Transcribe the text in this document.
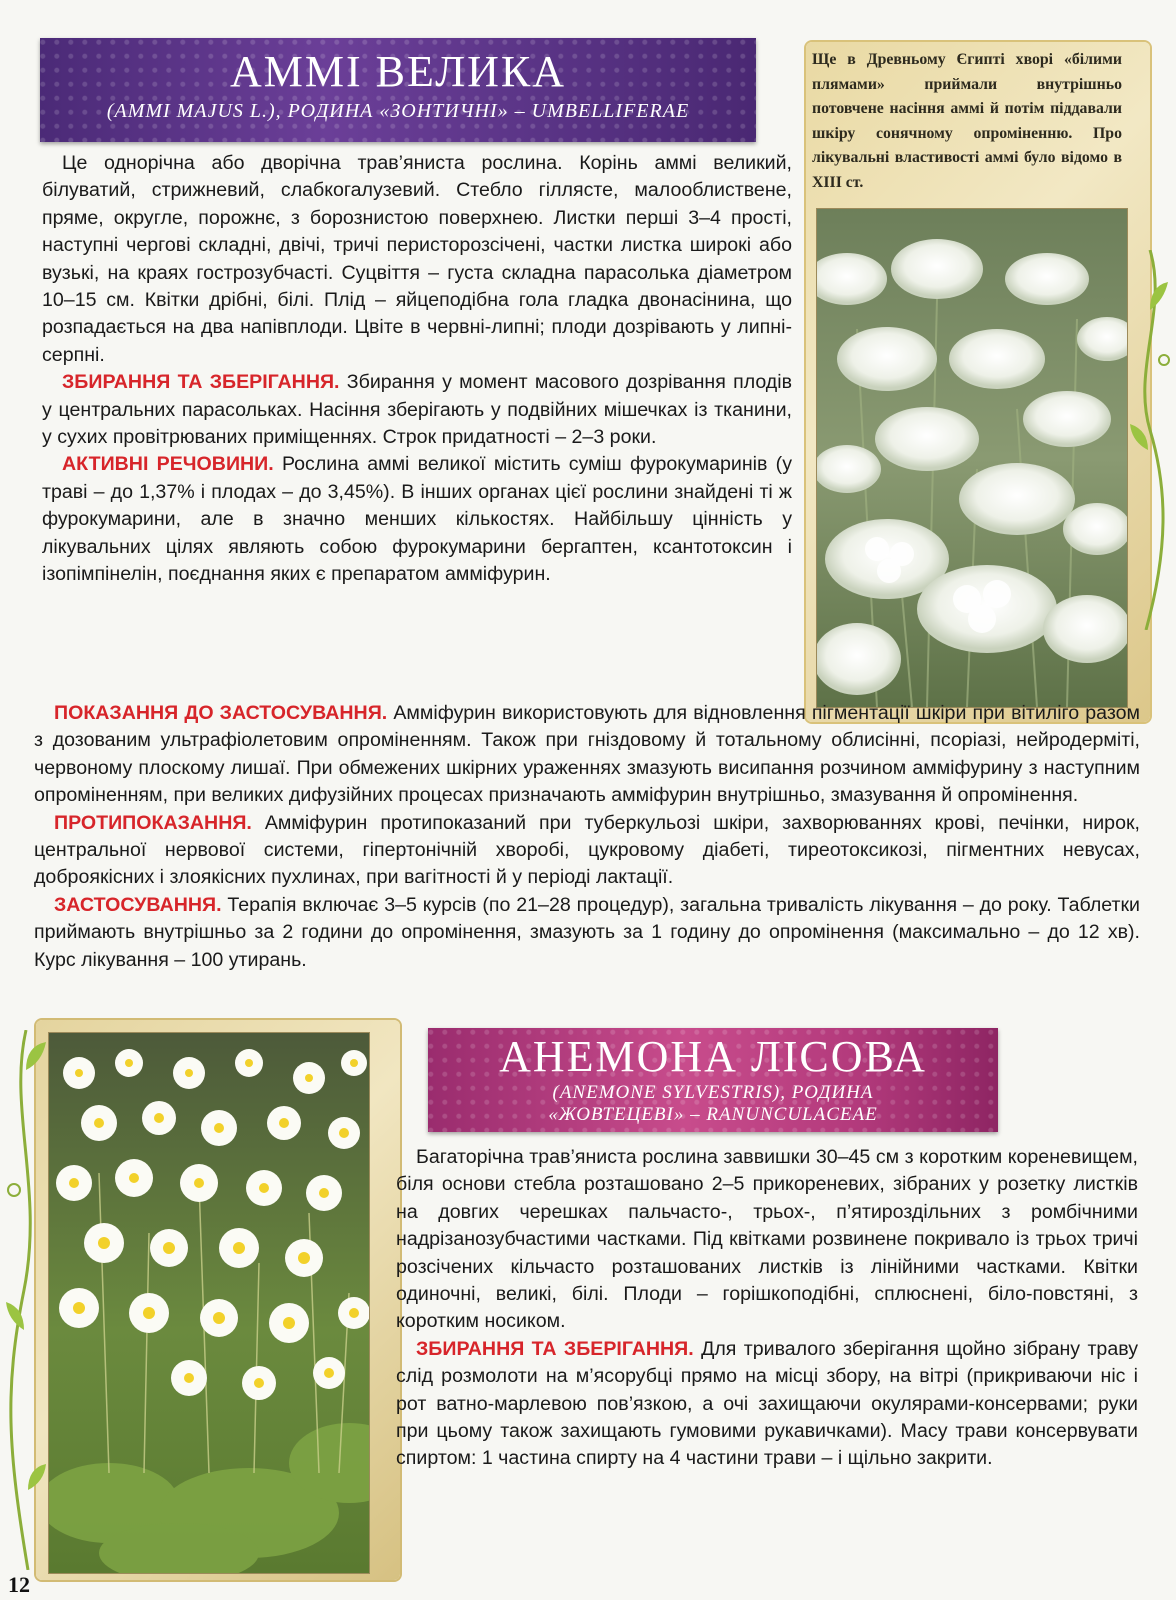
АММІ ВЕЛИКА
(AMMI MAJUS L.), РОДИНА «ЗОНТИЧНІ» – UMBELLIFERAE
Ще в Древньому Єгипті хворі «білими плямами» приймали внутрішньо потовчене насіння аммі й потім піддавали шкіру сонячному опроміненню. Про лікувальні властивості аммі було відомо в XIII ст.

Це однорічна або дворічна трав’яниста рослина. Корінь аммі великий, білуватий, стрижневий, слабкогалузевий. Стебло гіллясте, малооблиствене, пряме, округле, порожнє, з борознистою поверхнею. Листки перші 3–4 прості, наступні чергові складні, двічі, тричі перисторозсічені, частки листка широкі або вузькі, на краях гострозубчасті. Суцвіття – густа складна парасолька діаметром 10–15 см. Квітки дрібні, білі. Плід – яйцеподібна гола гладка двонасінина, що розпадається на два напівплоди. Цвіте в червні-липні; плоди дозрівають у липні-серпні.

ЗБИРАННЯ ТА ЗБЕРІГАННЯ. Збирання у момент масового дозрівання плодів у центральних парасольках. Насіння зберігають у подвійних мішечках із тканини, у сухих провітрюваних приміщеннях. Строк придатності – 2–3 роки.

АКТИВНІ РЕЧОВИНИ. Рослина аммі великої містить суміш фурокумаринів (у траві – до 1,37% і плодах – до 3,45%). В інших органах цієї рослини знайдені ті ж фурокумарини, але в значно менших кількостях. Найбільшу цінність у лікувальних цілях являють собою фурокумарини бергаптен, ксантотоксин і ізопімпінелін, поєднання яких є препаратом амміфурин.

ПОКАЗАННЯ ДО ЗАСТОСУВАННЯ. Амміфурин використовують для відновлення пігментації шкіри при вітиліго разом з дозованим ультрафіолетовим опроміненням. Також при гніздовому й тотальному облисінні, псоріазі, нейродерміті, червоному плоскому лишаї. При обмежених шкірних ураженнях змазують висипання розчином амміфурину з наступним опроміненням, при великих дифузійних процесах призначають амміфурин внутрішньо, змазування й опромінення.

ПРОТИПОКАЗАННЯ. Амміфурин протипоказаний при туберкульозі шкіри, захворюваннях крові, печінки, нирок, центральної нервової системи, гіпертонічній хворобі, цукровому діабеті, тиреотоксикозі, пігментних невусах, доброякісних і злоякісних пухлинах, при вагітності й у періоді лактації.

ЗАСТОСУВАННЯ. Терапія включає 3–5 курсів (по 21–28 процедур), загальна тривалість лікування – до року. Таблетки приймають внутрішньо за 2 години до опромінення, змазують за 1 годину до опромінення (максимально – до 12 хв). Курс лікування – 100 утирань.

АНЕМОНА ЛІСОВА
(ANEMONE SYLVESTRIS), РОДИНА
«ЖОВТЕЦЕВІ» – RANUNCULACEAE

Багаторічна трав’яниста рослина заввишки 30–45 см з коротким кореневищем, біля основи стебла розташовано 2–5 прикореневих, зібраних у розетку листків на довгих черешках пальчасто-, трьох-, п’ятироздільних з ромбічними надрізанозубчастими частками. Під квітками розвинене покривало із трьох тричі розсічених кільчасто розташованих листків із лінійними частками. Квітки одиночні, великі, білі. Плоди – горішкоподібні, сплюснені, біло-повстяні, з коротким носиком.

ЗБИРАННЯ ТА ЗБЕРІГАННЯ. Для тривалого зберігання щойно зібрану траву слід розмолоти на м’ясорубці прямо на місці збору, на вітрі (прикриваючи ніс і рот ватно-марлевою пов’язкою, а очі захищаючи окулярами-консервами; руки при цьому також захищають гумовими рукавичками). Масу трави консервувати спиртом: 1 частина спирту на 4 частини трави – і щільно закрити.

12
